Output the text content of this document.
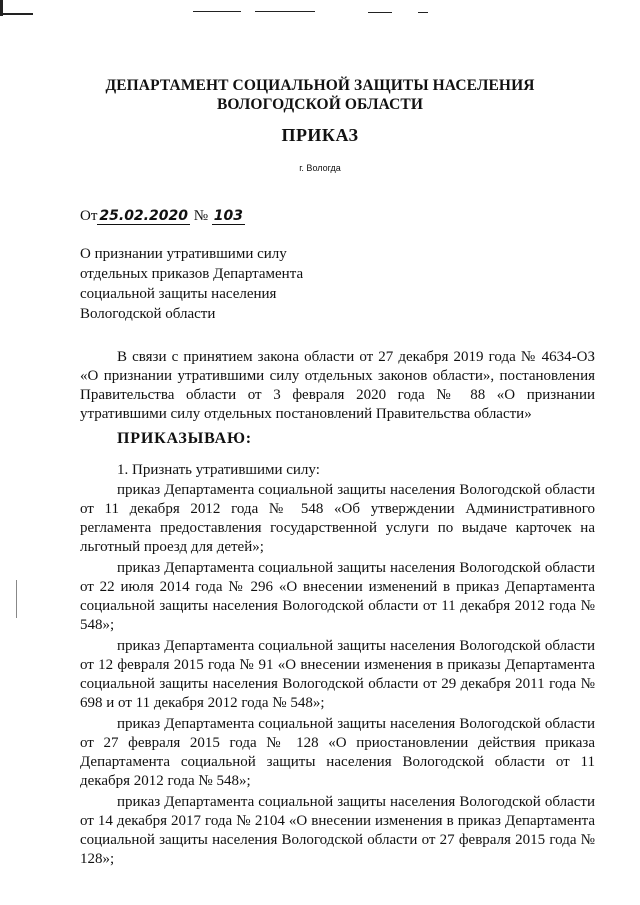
ДЕПАРТАМЕНТ СОЦИАЛЬНОЙ ЗАЩИТЫ НАСЕЛЕНИЯ
ВОЛОГОДСКОЙ ОБЛАСТИ
ПРИКАЗ
г. Вологда
От 25.02.2020 № 103
О признании утратившими силу
отдельных приказов Департамента
социальной защиты населения
Вологодской области
В связи с принятием закона области от 27 декабря 2019 года № 4634-ОЗ
«О признании утратившими силу отдельных законов области», постановления
Правительства области от 3 февраля 2020 года № 88 «О признании
утратившими силу отдельных постановлений Правительства области»
ПРИКАЗЫВАЮ:
1. Признать утратившими силу:
приказ Департамента социальной защиты населения Вологодской области
от 11 декабря 2012 года № 548 «Об утверждении Административного
регламента предоставления государственной услуги по выдаче карточек на
льготный проезд для детей»;
приказ Департамента социальной защиты населения Вологодской области
от 22 июля 2014 года № 296 «О внесении изменений в приказ Департамента
социальной защиты населения Вологодской области от 11 декабря 2012 года №
548»;
приказ Департамента социальной защиты населения Вологодской области
от 12 февраля 2015 года № 91 «О внесении изменения в приказы Департамента
социальной защиты населения Вологодской области от 29 декабря 2011 года №
698 и от 11 декабря 2012 года № 548»;
приказ Департамента социальной защиты населения Вологодской области
от 27 февраля 2015 года № 128 «О приостановлении действия приказа
Департамента социальной защиты населения Вологодской области от 11
декабря 2012 года № 548»;
приказ Департамента социальной защиты населения Вологодской области
от 14 декабря 2017 года № 2104 «О внесении изменения в приказ Департамента
социальной защиты населения Вологодской области от 27 февраля 2015 года №
128»;
